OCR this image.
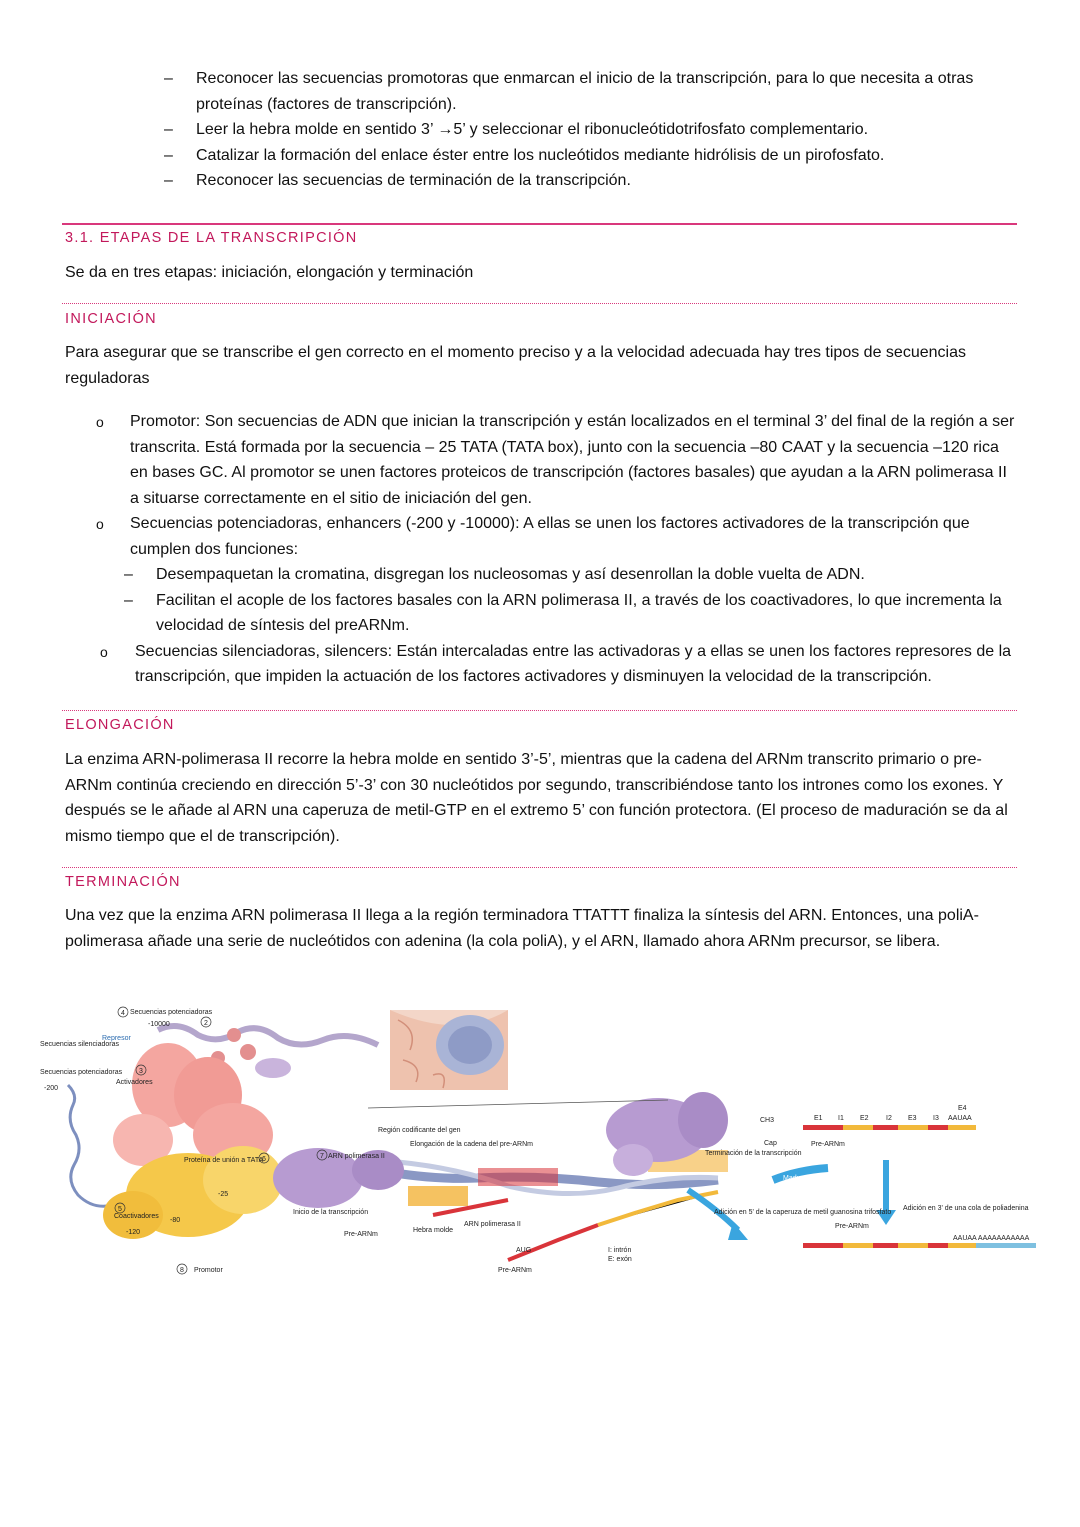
– Reconocer las secuencias promotoras que enmarcan el inicio de la transcripción, para lo que necesita a otras proteínas (factores de transcripción).
– Leer la hebra molde en sentido 3’ →5’ y seleccionar el ribonucleótidotrifosfato complementario.
– Catalizar la formación del enlace éster entre los nucleótidos mediante hidrólisis de un pirofosfato.
– Reconocer las secuencias de terminación de la transcripción.

3.1. ETAPAS DE LA TRANSCRIPCIÓN

Se da en tres etapas: iniciación, elongación y terminación

INICIACIÓN

Para asegurar que se transcribe el gen correcto en el momento preciso y a la velocidad adecuada hay tres tipos de secuencias reguladoras

o Promotor: Son secuencias de ADN que inician la transcripción y están localizados en el terminal 3’ del final de la región a ser transcrita. Está formada por la secuencia – 25 TATA (TATA box), junto con la secuencia –80 CAAT y la secuencia –120 rica en bases GC. Al promotor se unen factores proteicos de transcripción (factores basales) que ayudan a la ARN polimerasa II a situarse correctamente en el sitio de iniciación del gen.
o Secuencias potenciadoras, enhancers (-200 y -10000): A ellas se unen los factores activadores de la transcripción que cumplen dos funciones:
– Desempaquetan la cromatina, disgregan los nucleosomas y así desenrollan la doble vuelta de ADN.
– Facilitan el acople de los factores basales con la ARN polimerasa II, a través de los coactivadores, lo que incrementa la velocidad de síntesis del preARNm.
o Secuencias silenciadoras, silencers: Están intercaladas entre las activadoras y a ellas se unen los factores represores de la transcripción, que impiden la actuación de los factores activadores y disminuyen la velocidad de la transcripción.

ELONGACIÓN

La enzima ARN-polimerasa II recorre la hebra molde en sentido 3’-5’, mientras que la cadena del ARNm transcrito primario o pre-ARNm continúa creciendo en dirección 5’-3’ con 30 nucleótidos por segundo, transcribiéndose tanto los intrones como los exones. Y después se le añade al ARN una caperuza de metil-GTP en el extremo 5’ con función protectora. (El proceso de maduración se da al mismo tiempo que el de transcripción).

TERMINACIÓN

Una vez que la enzima ARN polimerasa II llega a la región terminadora TTATTT finaliza la síntesis del ARN. Entonces, una poliA-polimerasa añade una serie de nucleótidos con adenina (la cola poliA), y el ARN, llamado ahora ARNm precursor, se libera.

Secuencias potenciadoras
-10000
Represor
Secuencias silenciadoras
Secuencias potenciadoras
-200
Activadores
Proteína de unión a TATA
Coactivadores
-120
-80
-25
Promotor
Región codificante del gen
ARN polimerasa II
Elongación de la cadena del pre-ARNm
Inicio de la transcripción
Pre-ARNm
Hebra molde
ARN polimerasa II
AUG
Pre-ARNm
I: intrón
E: exón
Terminación de la transcripción
Maduración
Cap
CH3
Adición en 5' de la caperuza de metil guanosina trifosfato
Pre-ARNm
Adición en 3' de una cola de poliadenina
AAUAA
AAUAA AAAAAAAAAAA
Pre-ARNm
E1 I1 E2 I2 E3 I3
E4
4
2
3
5
6	7
8
